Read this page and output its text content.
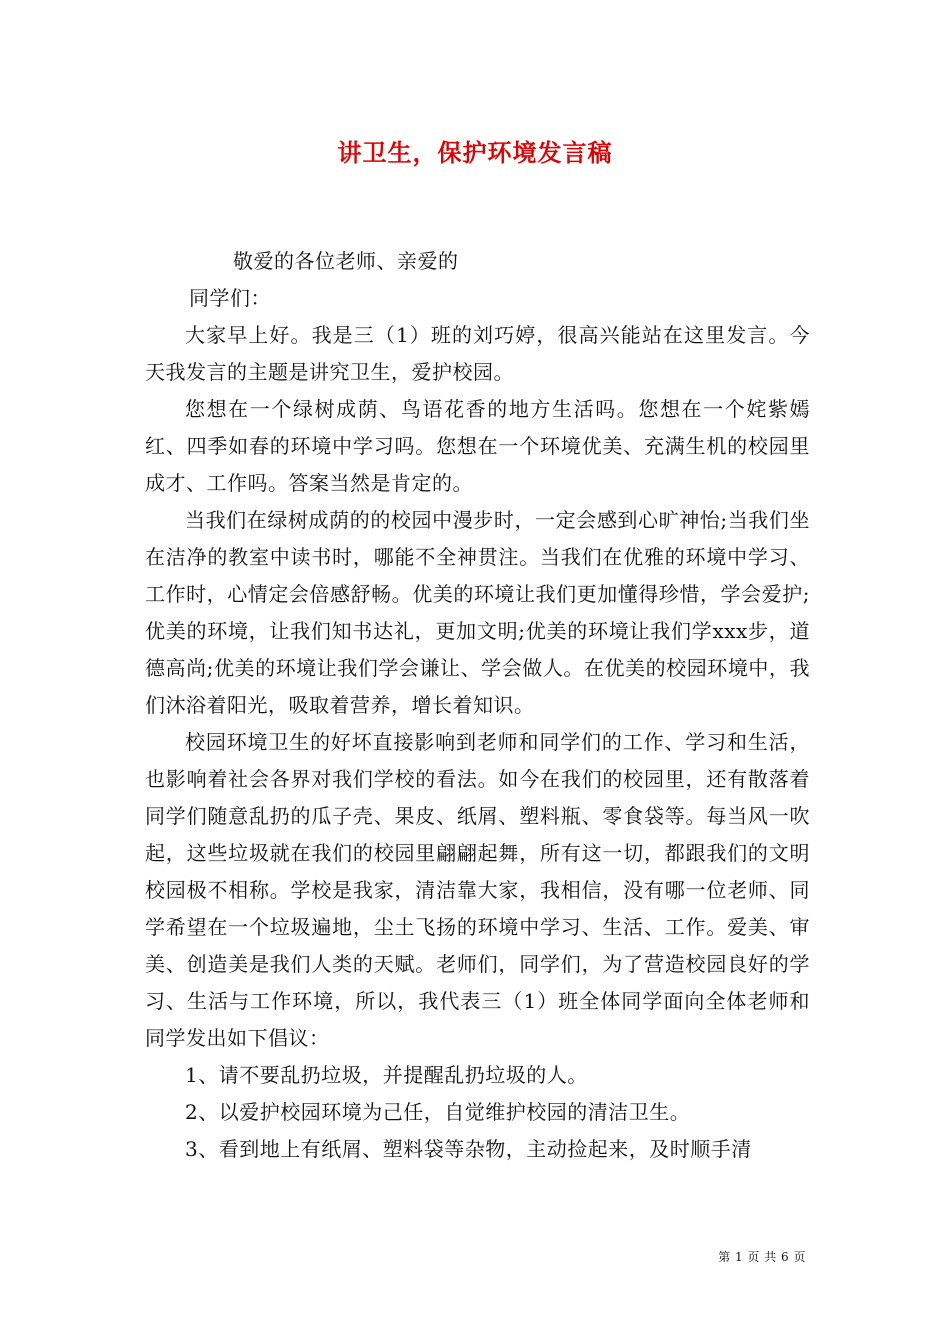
讲卫生，保护环境发言稿

敬爱的各位老师、亲爱的

同学们：

大家早上好。我是三（1）班的刘巧婷，很高兴能站在这里发言。今天我发言的主题是讲究卫生，爱护校园。

您想在一个绿树成荫、鸟语花香的地方生活吗。您想在一个姹紫嫣红、四季如春的环境中学习吗。您想在一个环境优美、充满生机的校园里成才、工作吗。答案当然是肯定的。

当我们在绿树成荫的的校园中漫步时，一定会感到心旷神怡;当我们坐在洁净的教室中读书时，哪能不全神贯注。当我们在优雅的环境中学习、工作时，心情定会倍感舒畅。优美的环境让我们更加懂得珍惜，学会爱护;优美的环境，让我们知书达礼，更加文明;优美的环境让我们学xxx步，道德高尚;优美的环境让我们学会谦让、学会做人。在优美的校园环境中，我们沐浴着阳光，吸取着营养，增长着知识。

校园环境卫生的好坏直接影响到老师和同学们的工作、学习和生活，也影响着社会各界对我们学校的看法。如今在我们的校园里，还有散落着同学们随意乱扔的瓜子壳、果皮、纸屑、塑料瓶、零食袋等。每当风一吹起，这些垃圾就在我们的校园里翩翩起舞，所有这一切，都跟我们的文明校园极不相称。学校是我家，清洁靠大家，我相信，没有哪一位老师、同学希望在一个垃圾遍地，尘土飞扬的环境中学习、生活、工作。爱美、审美、创造美是我们人类的天赋。老师们，同学们，为了营造校园良好的学习、生活与工作环境，所以，我代表三（1）班全体同学面向全体老师和同学发出如下倡议：

1、请不要乱扔垃圾，并提醒乱扔垃圾的人。

2、以爱护校园环境为己任，自觉维护校园的清洁卫生。

3、看到地上有纸屑、塑料袋等杂物，主动捡起来，及时顺手清

第 1 页 共 6 页
